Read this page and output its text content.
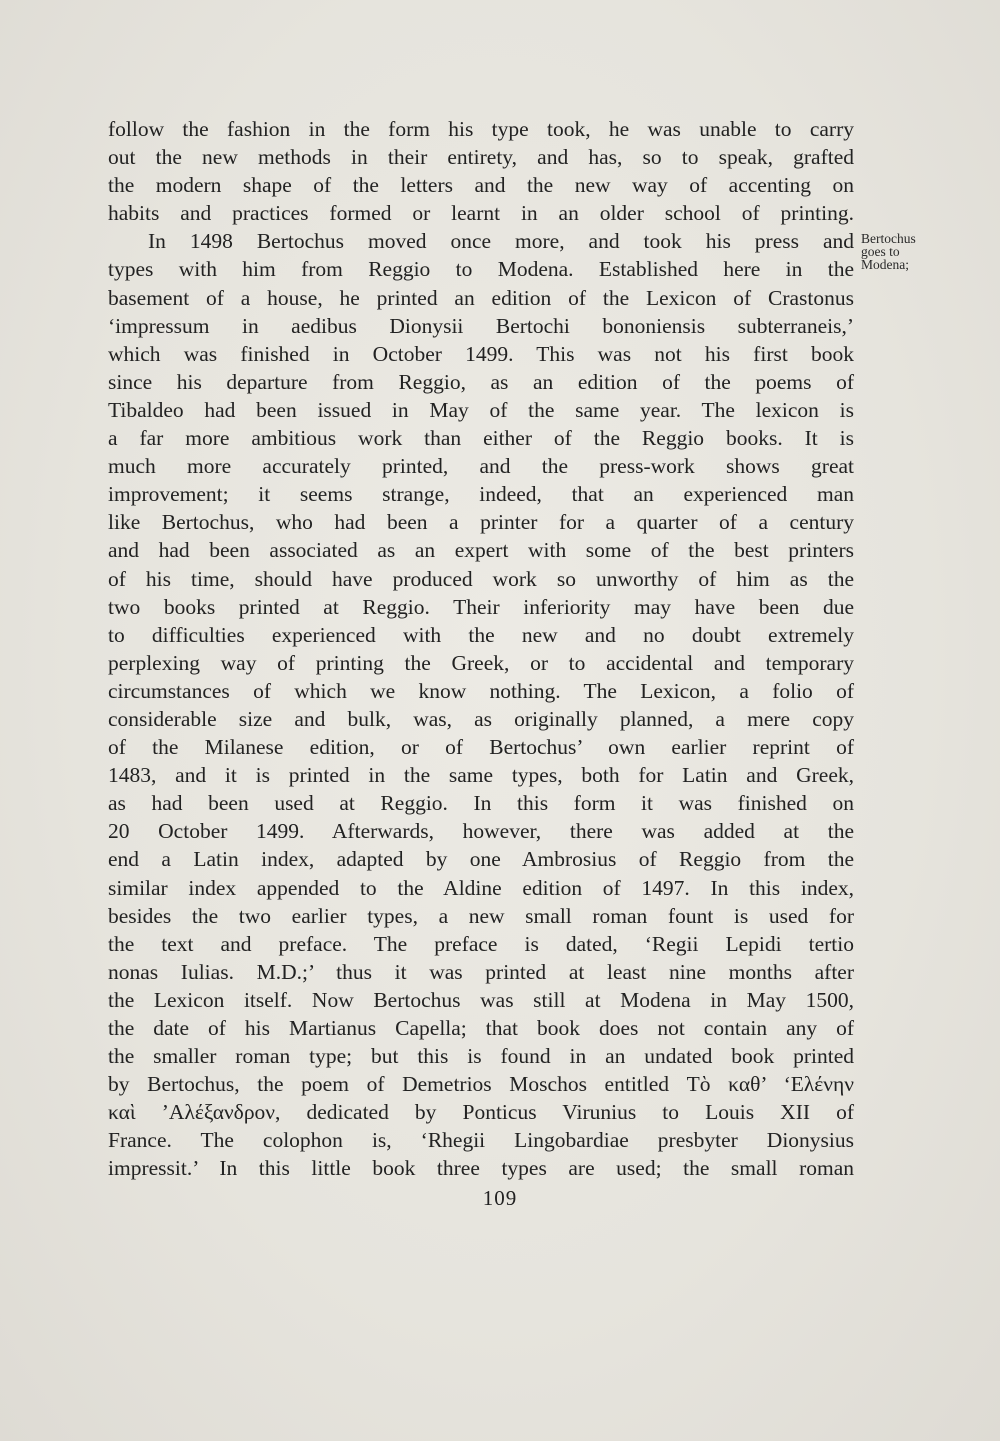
follow the fashion in the form his type took, he was unable to carry
out the new methods in their entirety, and has, so to speak, grafted
the modern shape of the letters and the new way of accenting on
habits and practices formed or learnt in an older school of printing.
In 1498 Bertochus moved once more, and took his press and
types with him from Reggio to Modena. Established here in the
basement of a house, he printed an edition of the Lexicon of Crastonus
‘impressum in aedibus Dionysii Bertochi bononiensis subterraneis,’
which was finished in October 1499. This was not his first book
since his departure from Reggio, as an edition of the poems of
Tibaldeo had been issued in May of the same year. The lexicon is
a far more ambitious work than either of the Reggio books. It is
much more accurately printed, and the press-work shows great
improvement; it seems strange, indeed, that an experienced man
like Bertochus, who had been a printer for a quarter of a century
and had been associated as an expert with some of the best printers
of his time, should have produced work so unworthy of him as the
two books printed at Reggio. Their inferiority may have been due
to difficulties experienced with the new and no doubt extremely
perplexing way of printing the Greek, or to accidental and temporary
circumstances of which we know nothing. The Lexicon, a folio of
considerable size and bulk, was, as originally planned, a mere copy
of the Milanese edition, or of Bertochus’ own earlier reprint of
1483, and it is printed in the same types, both for Latin and Greek,
as had been used at Reggio. In this form it was finished on
20 October 1499. Afterwards, however, there was added at the
end a Latin index, adapted by one Ambrosius of Reggio from the
similar index appended to the Aldine edition of 1497. In this index,
besides the two earlier types, a new small roman fount is used for
the text and preface. The preface is dated, ‘Regii Lepidi tertio
nonas Iulias. M.D.;’ thus it was printed at least nine months after
the Lexicon itself. Now Bertochus was still at Modena in May 1500,
the date of his Martianus Capella; that book does not contain any of
the smaller roman type; but this is found in an undated book printed
by Bertochus, the poem of Demetrios Moschos entitled Τὸ καθ’ ‘Ελένην
καὶ ’Αλέξανδρον, dedicated by Ponticus Virunius to Louis XII of
France. The colophon is, ‘Rhegii Lingobardiae presbyter Dionysius
impressit.’ In this little book three types are used; the small roman
Bertochus
goes to
Modena;
109
